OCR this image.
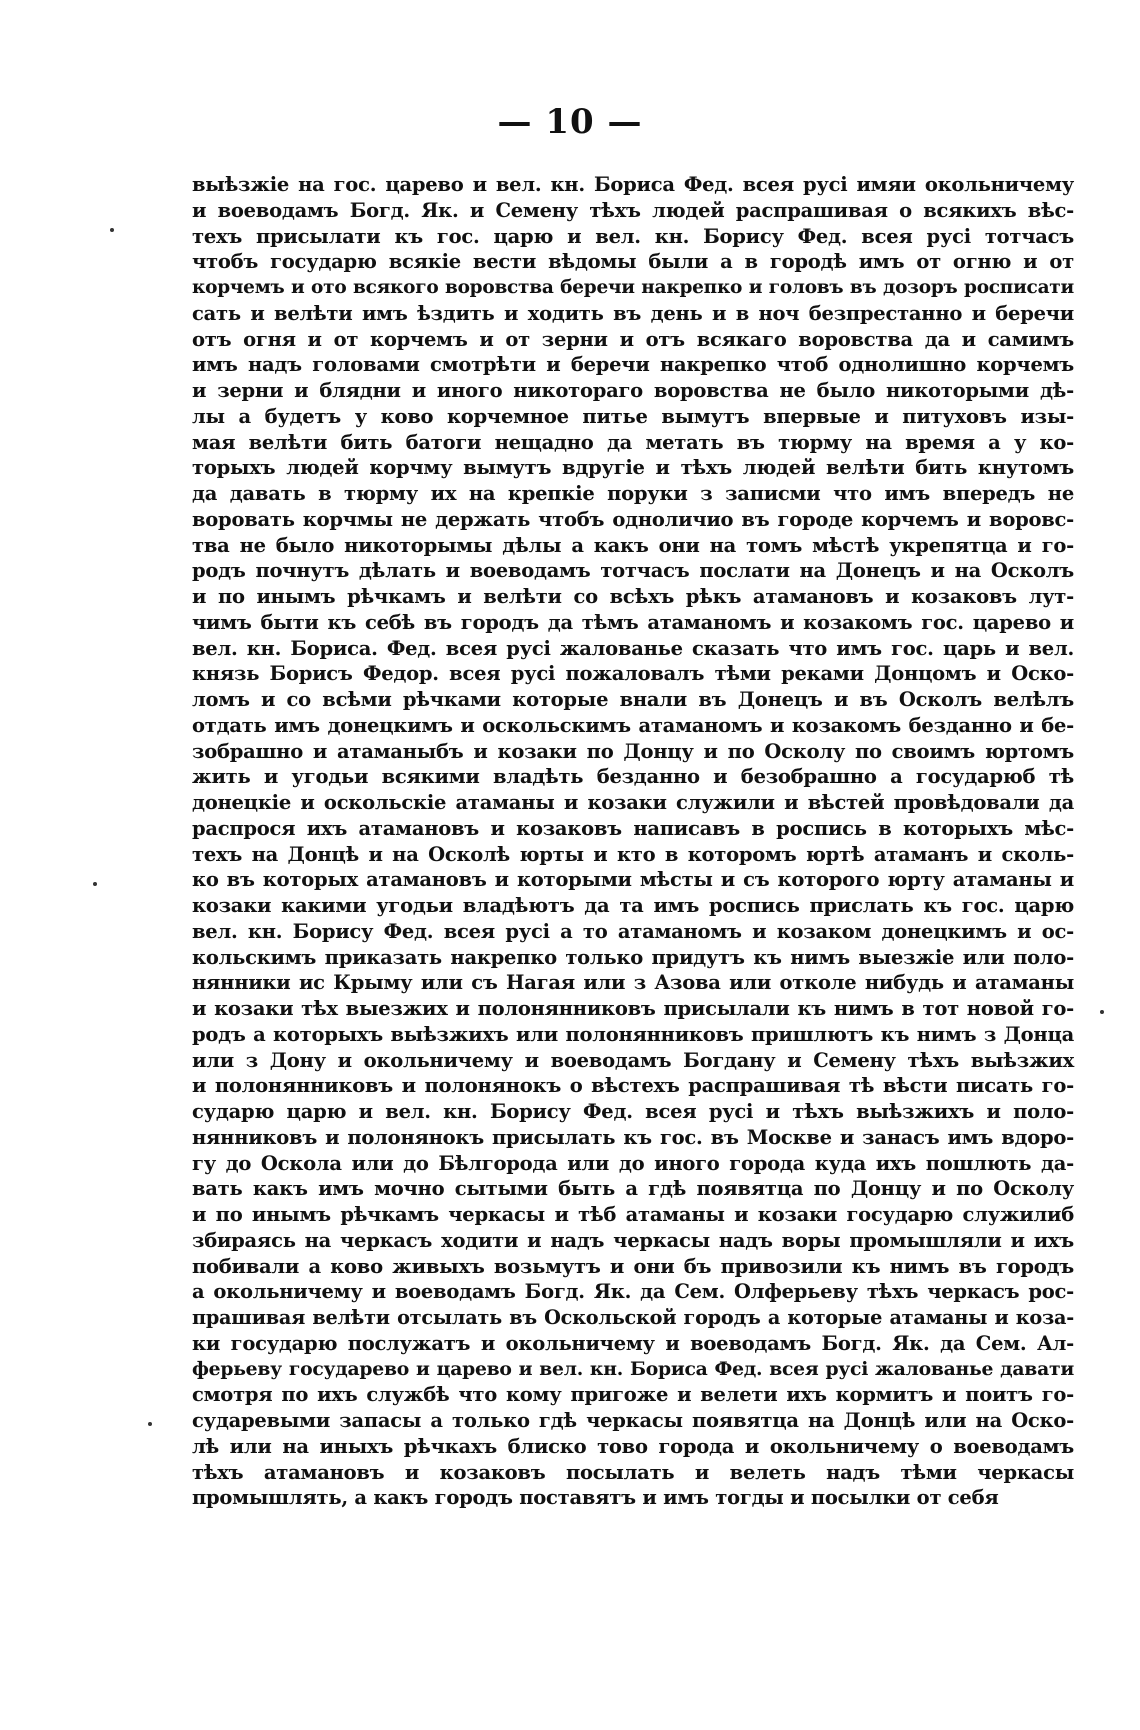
— 10 —
выѣзжіе на гос. царево и вел. кн. Бориса Фед. всея русі имяи окольничему
и воеводамъ Богд. Як. и Семену тѣхъ людей распрашивая о всякихъ вѣс-
техъ присылати къ гос. царю и вел. кн. Борису Фед. всея русі тотчасъ
чтобъ государю всякіе вести вѣдомы были а в городѣ имъ от огню и от
корчемъ и ото всякого воровства беречи накрепко и головъ въ дозоръ росписати
сать и велѣти имъ ѣздить и ходить въ день и в ноч безпрестанно и беречи
отъ огня и от корчемъ и от зерни и отъ всякаго воровства да и самимъ
имъ надъ головами смотрѣти и беречи накрепко чтоб однолишно корчемъ
и зерни и блядни и иного никотораго воровства не было никоторыми дѣ-
лы а будетъ у ково корчемное питье вымутъ впервые и питуховъ изы-
мая велѣти бить батоги нещадно да метать въ тюрму на время а у ко-
торыхъ людей корчму вымутъ вдругіе и тѣхъ людей велѣти бить кнутомъ
да давать в тюрму их на крепкіе поруки з записми что имъ впередъ не
воровать корчмы не держать чтобъ одноличио въ городе корчемъ и воровс-
тва не было никоторымы дѣлы а какъ они на томъ мѣстѣ укрепятца и го-
родъ почнутъ дѣлать и воеводамъ тотчасъ послати на Донецъ и на Осколъ
и по инымъ рѣчкамъ и велѣти со всѣхъ рѣкъ атамановъ и козаковъ лут-
чимъ быти къ себѣ въ городъ да тѣмъ атаманомъ и козакомъ гос. царево и
вел. кн. Бориса. Фед. всея русі жалованье сказать что имъ гос. царь и вел.
князь Борисъ Федор. всея русі пожаловалъ тѣми реками Донцомъ и Оско-
ломъ и со всѣми рѣчками которые внали въ Донецъ и въ Осколъ велѣлъ
отдать имъ донецкимъ и оскольскимъ атаманомъ и козакомъ безданно и бе-
зобрашно и атаманыбъ и козаки по Донцу и по Осколу по своимъ юртомъ
жить и угодьи всякими владѣть безданно и безобрашно а государюб тѣ
донецкіе и оскольскіе атаманы и козаки служили и вѣстей провѣдовали да
распрося ихъ атамановъ и козаковъ написавъ в роспись в которыхъ мѣс-
техъ на Донцѣ и на Осколѣ юрты и кто в которомъ юртѣ атаманъ и сколь-
ко въ которых атамановъ и которыми мѣсты и съ которого юрту атаманы и
козаки какими угодьи владѣютъ да та имъ роспись прислать къ гос. царю
вел. кн. Борису Фед. всея русі а то атаманомъ и козаком донецкимъ и ос-
кольскимъ приказать накрепко только придутъ къ нимъ выезжіе или поло-
нянники ис Крыму или съ Нагая или з Азова или отколе нибудь и атаманы
и козаки тѣх выезжих и полонянниковъ присылали къ нимъ в тот новой го-
родъ а которыхъ выѣзжихъ или полонянниковъ пришлютъ къ нимъ з Донца
или з Дону и окольничему и воеводамъ Богдану и Семену тѣхъ выѣзжих
и полонянниковъ и полонянокъ о вѣстехъ распрашивая тѣ вѣсти писать го-
сударю царю и вел. кн. Борису Фед. всея русі и тѣхъ выѣзжихъ и поло-
нянниковъ и полонянокъ присылать къ гос. въ Москве и занасъ имъ вдоро-
гу до Оскола или до Бѣлгорода или до иного города куда ихъ пошлють да-
вать какъ имъ мочно сытыми быть а гдѣ появятца по Донцу и по Осколу
и по инымъ рѣчкамъ черкасы и тѣб атаманы и козаки государю служилиб
збираясь на черкасъ ходити и надъ черкасы надъ воры промышляли и ихъ
побивали а ково живыхъ возьмутъ и они бъ привозили къ нимъ въ городъ
а окольничему и воеводамъ Богд. Як. да Сем. Олферьеву тѣхъ черкасъ рос-
прашивая велѣти отсылать въ Оскольской городъ а которые атаманы и коза-
ки государю послужатъ и окольничему и воеводамъ Богд. Як. да Сем. Ал-
ферьеву государево и царево и вел. кн. Бориса Фед. всея русі жалованье давати
смотря по ихъ службѣ что кому пригоже и велети ихъ кормитъ и поитъ го-
сударевыми запасы а только гдѣ черкасы появятца на Донцѣ или на Оско-
лѣ или на иныхъ рѣчкахъ блиско тово города и окольничему о воеводамъ
тѣхъ атамановъ и козаковъ посылать и велеть надъ тѣми черкасы
промышлять, а какъ городъ поставятъ и имъ тогды и посылки от себя
